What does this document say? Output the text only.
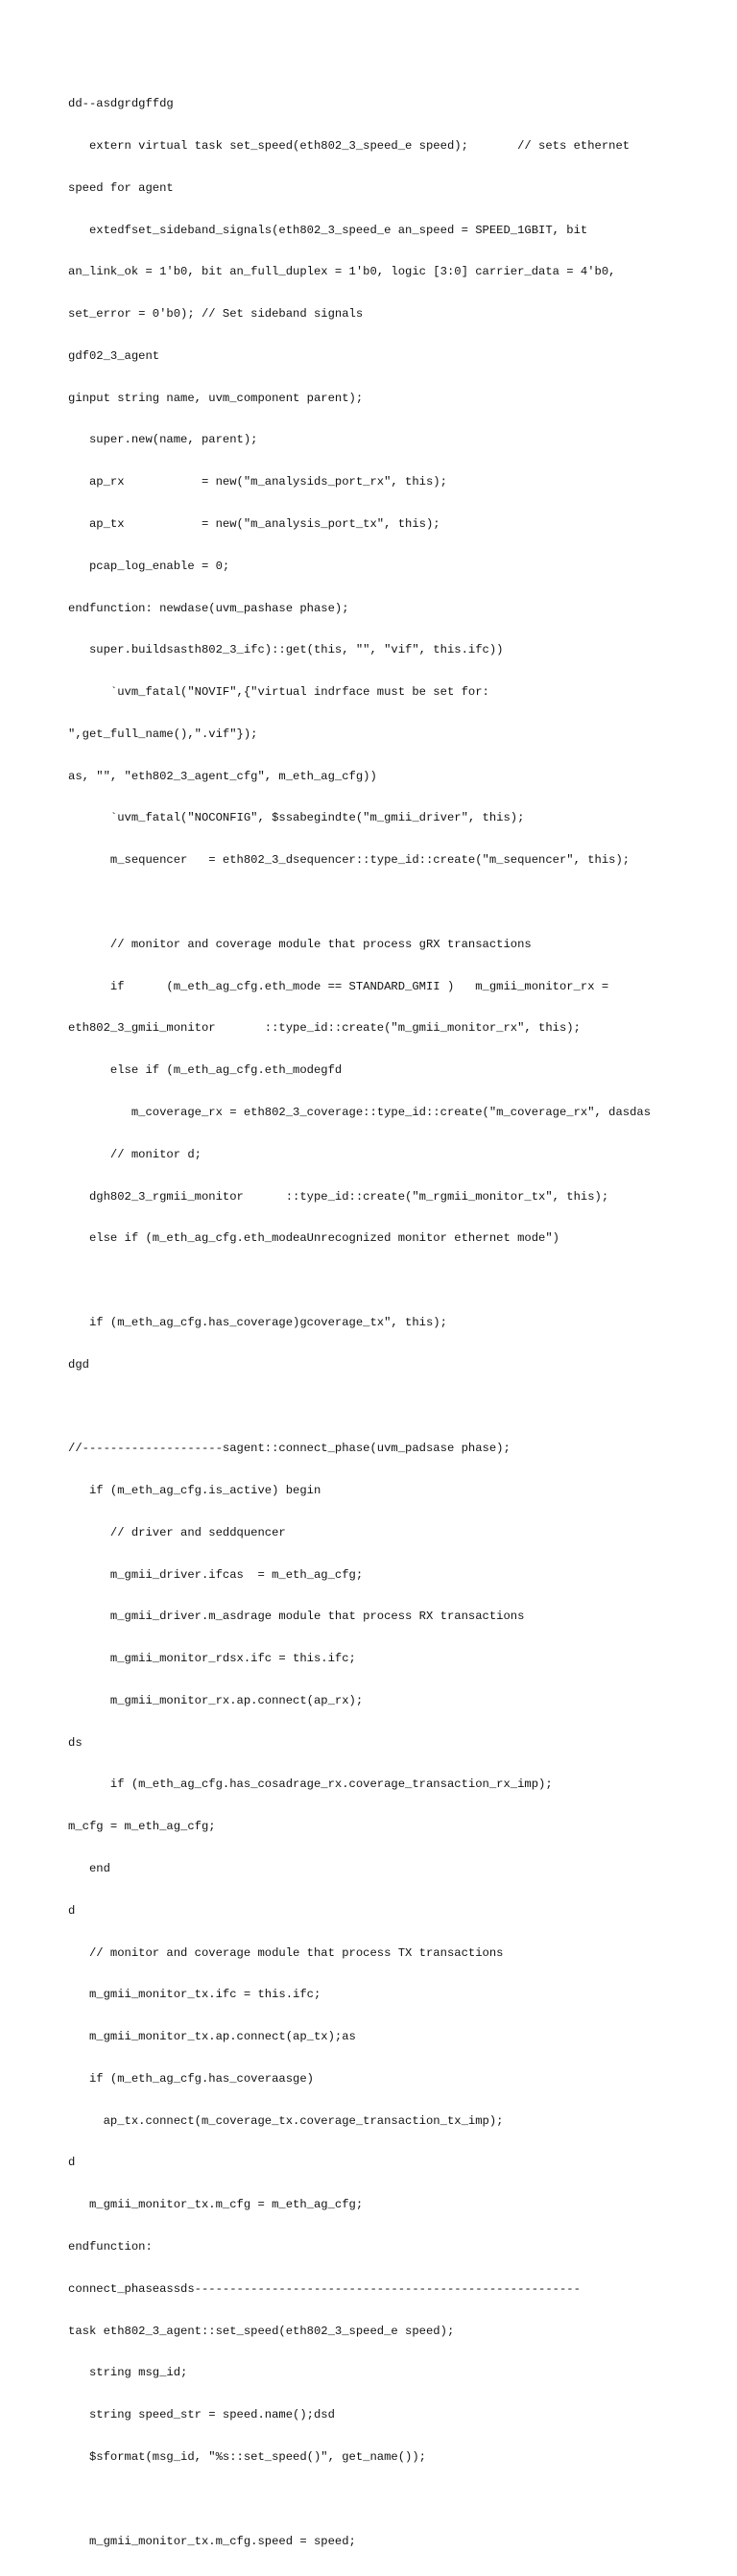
dd--asdgrdgffdg

extern virtual task set_speed(eth802_3_speed_e speed);       // sets ethernet

speed for agent

extedfset_sideband_signals(eth802_3_speed_e an_speed = SPEED_1GBIT, bit

an_link_ok = 1'b0, bit an_full_duplex = 1'b0, logic [3:0] carrier_data = 4'b0,

set_error = 0'b0); // Set sideband signals

gdf02_3_agent

ginput string name, uvm_component parent);

super.new(name, parent);

ap_rx           = new("m_analysids_port_rx", this);

ap_tx           = new("m_analysis_port_tx", this);

pcap_log_enable = 0;

endfunction: newdase(uvm_pashase phase);

super.buildsasth802_3_ifc)::get(this, "", "vif", this.ifc))

`uvm_fatal("NOVIF",{"virtual indrface must be set for:

",get_full_name(),".vif"});

as, "", "eth802_3_agent_cfg", m_eth_ag_cfg))

`uvm_fatal("NOCONFIG", $ssabegindte("m_gmii_driver", this);

m_sequencer   = eth802_3_dsequencer::type_id::create("m_sequencer", this);

// monitor and coverage module that process gRX transactions

if      (m_eth_ag_cfg.eth_mode == STANDARD_GMII )   m_gmii_monitor_rx =

eth802_3_gmii_monitor       ::type_id::create("m_gmii_monitor_rx", this);

else if (m_eth_ag_cfg.eth_modegfd

m_coverage_rx = eth802_3_coverage::type_id::create("m_coverage_rx", dasdas

// monitor d;

dgh802_3_rgmii_monitor      ::type_id::create("m_rgmii_monitor_tx", this);

else if (m_eth_ag_cfg.eth_modeaUnrecognized monitor ethernet mode")

if (m_eth_ag_cfg.has_coverage)gcoverage_tx", this);

dgd

//--------------------sagent::connect_phase(uvm_padsase phase);

if (m_eth_ag_cfg.is_active) begin

// driver and seddquencer

m_gmii_driver.ifcas  = m_eth_ag_cfg;

m_gmii_driver.m_asdrage module that process RX transactions

m_gmii_monitor_rdsx.ifc = this.ifc;

m_gmii_monitor_rx.ap.connect(ap_rx);

ds

if (m_eth_ag_cfg.has_cosadrage_rx.coverage_transaction_rx_imp);

m_cfg = m_eth_ag_cfg;

end

d

// monitor and coverage module that process TX transactions

m_gmii_monitor_tx.ifc = this.ifc;

m_gmii_monitor_tx.ap.connect(ap_tx);as

if (m_eth_ag_cfg.has_coveraasge)

ap_tx.connect(m_coverage_tx.coverage_transaction_tx_imp);

d

m_gmii_monitor_tx.m_cfg = m_eth_ag_cfg;

endfunction:

connect_phaseassds-------------------------------------------------------

task eth802_3_agent::set_speed(eth802_3_speed_e speed);

string msg_id;

string speed_str = speed.name();dsd

$sformat(msg_id, "%s::set_speed()", get_name());

m_gmii_monitor_tx.m_cfg.speed = speed;
